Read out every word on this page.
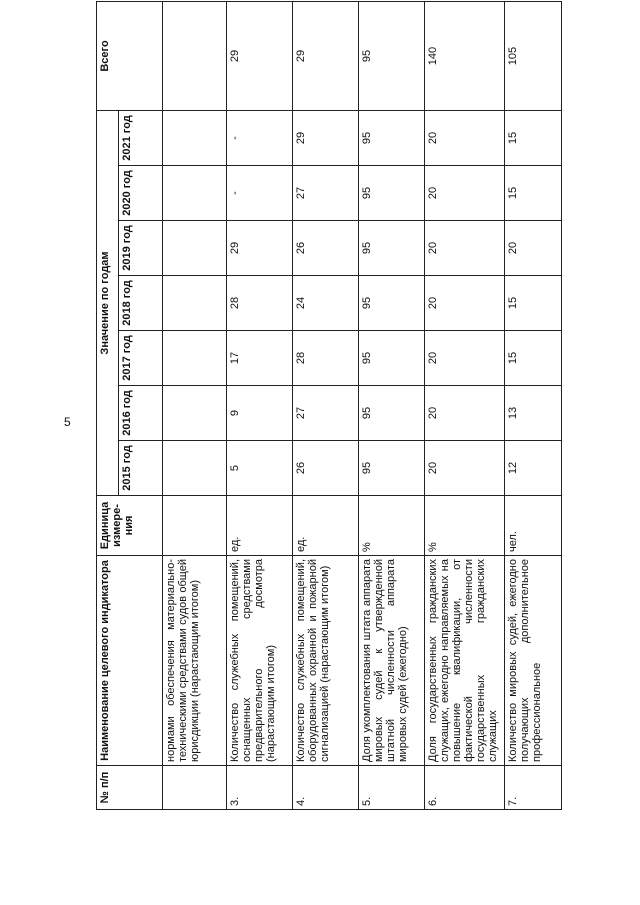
5
№ п/п	Наименование целевого индикатора	Единица измере-ния	Значение по годам							Всего
			2015 год	2016 год	2017 год	2018 год	2019 год	2020 год	2021 год	
	нормами обеспечения материально-техническими средствами судов общей юрисдикции (нарастающим итогом)									
3.	Количество служебных помещений, оснащенных средствами предварительного досмотра (нарастающим итогом)	ед.	5	9	17	28	29	-	-	29
4.	Количество служебных помещений, оборудованных охранной и пожарной сигнализацией (нарастающим итогом)	ед.	26	27	28	24	26	27	29	29
5.	Доля укомплектования штата аппарата мировых судей к утвержденной штатной численности аппарата мировых судей (ежегодно)	%	95	95	95	95	95	95	95	95
6.	Доля государственных гражданских служащих, ежегодно направляемых на повышение квалификации, от фактической численности государственных гражданских служащих	%	20	20	20	20	20	20	20	140
7.	Количество мировых судей, ежегодно получающих дополнительное профессиональное	чел.	12	13	15	15	20	15	15	105
